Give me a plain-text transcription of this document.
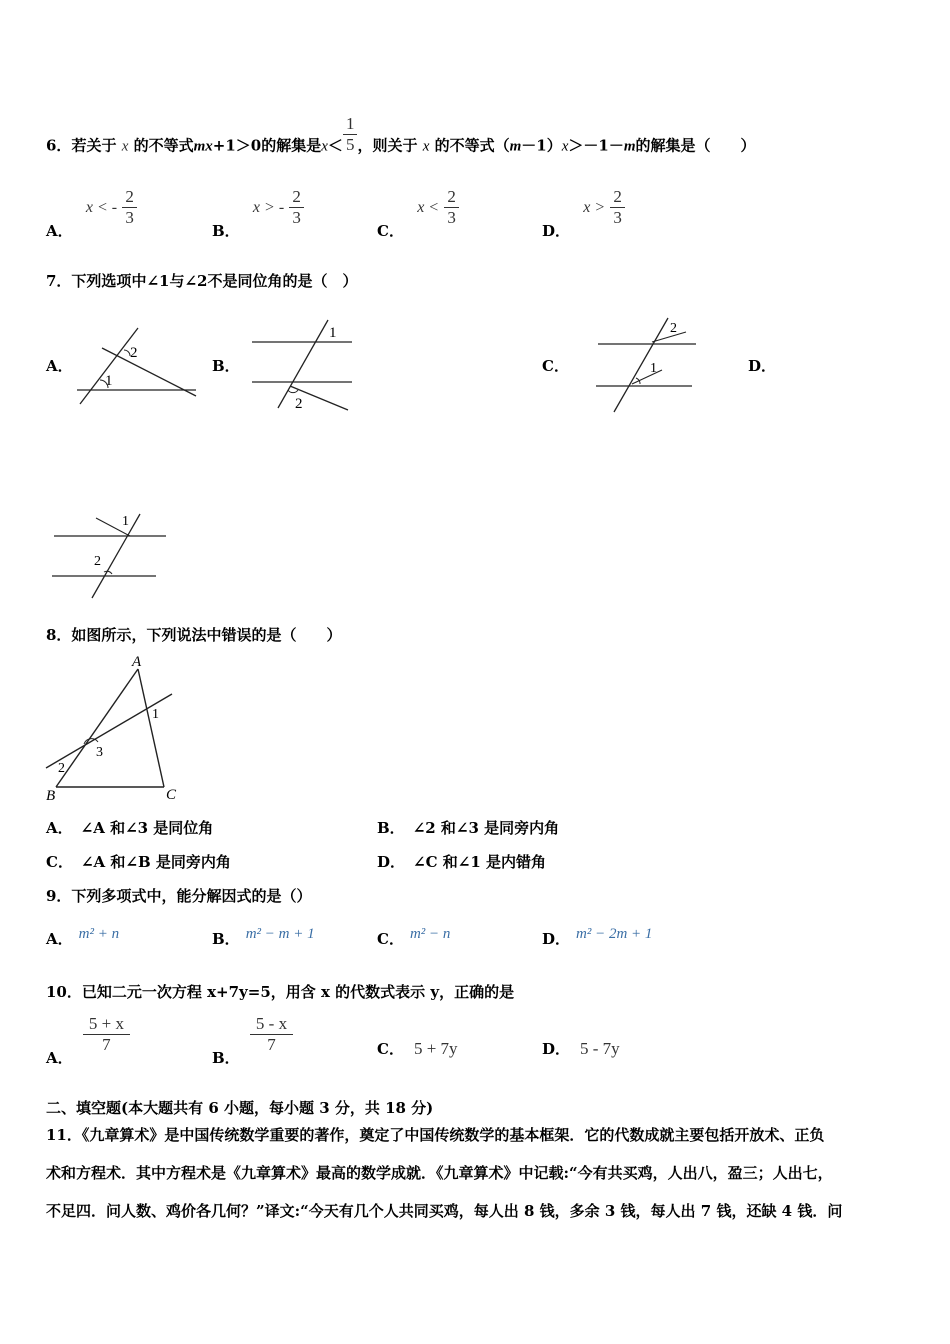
6．若关于 x 的不等式mx+1＞0的解集是$x< \frac{1}{5}$ ，则关于 x 的不等式（m－1）x＞－1－m的解集是（　　）
A． x < - $\frac{2}{3}$
B． x > - $\frac{2}{3}$
C． $x < \frac{2}{3}$
D． $x > \frac{2}{3}$
7．下列选项中∠1与∠2不是同位角的是（　）
A．
1
2
B．
1
2
C．	1
2
D．
1
2
8．如图所示，下列说法中错误的是（　　）
A
B	C
1
2
3
A． ∠A 和∠3 是同位角	B． ∠2 和∠3 是同旁内角
C． ∠A 和∠B 是同旁内角	D． ∠C 和∠1 是内错角
9．下列多项式中，能分解因式的是（）
A． m² + n	B． m² − m + 1	C． m² − n	D． m² − 2m + 1
10．已知二元一次方程 x+7y=5，用含 x 的代数式表示 y，正确的是
A．
$\frac{5 + x}{7}$
B．
$\frac{5 - x}{7}$	C． 5 + 7y	D． 5 - 7y
二、填空题(本大题共有 6 小题，每小题 3 分，共 18 分)
11．《九章算术》是中国传统数学重要的著作，奠定了中国传统数学的基本框架．它的代数成就主要包括开放术、正负
术和方程术．其中方程术是《九章算术》最高的数学成就．《九章算术》中记载:“今有共买鸡，人出八，盈三；人出七，
不足四．问人数、鸡价各几何？”译文:“今天有几个人共同买鸡，每人出 8 钱，多余 3 钱，每人出 7 钱，还缺 4 钱．问
